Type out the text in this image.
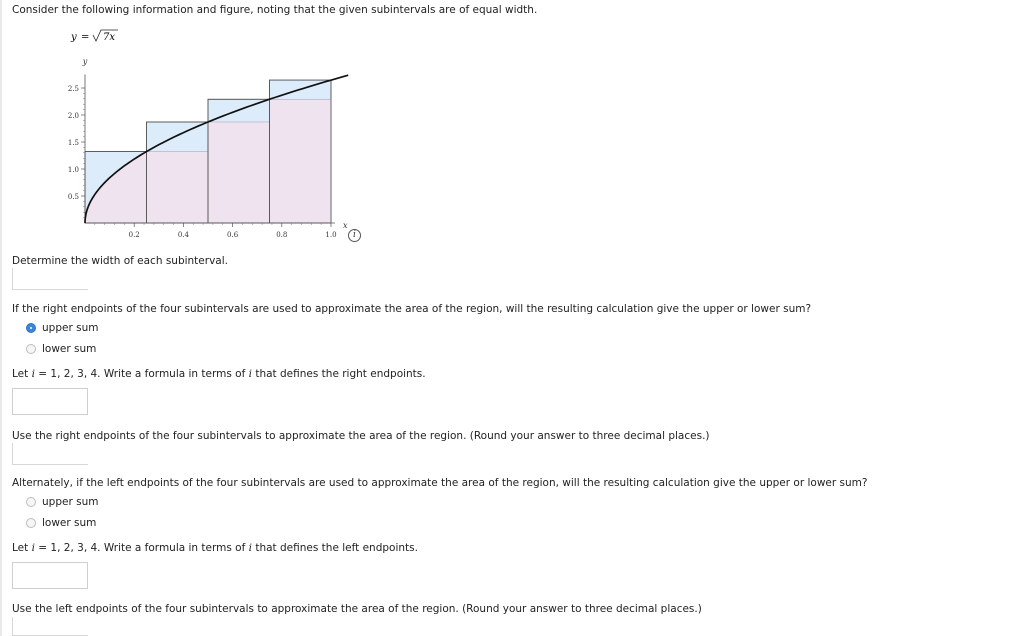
Consider the following information and figure, noting that the given subintervals are of equal width.
y = 7x
0.5
1.0
1.5
2.0
2.5
0.2	0.4	0.6	0.8	1.0
y
x
i
Determine the width of each subinterval.
If the right endpoints of the four subintervals are used to approximate the area of the region, will the resulting calculation give the upper or lower sum?
upper sum
lower sum
Let i = 1, 2, 3, 4. Write a formula in terms of i that defines the right endpoints.
Use the right endpoints of the four subintervals to approximate the area of the region. (Round your answer to three decimal places.)
Alternately, if the left endpoints of the four subintervals are used to approximate the area of the region, will the resulting calculation give the upper or lower sum?
upper sum
lower sum
Let i = 1, 2, 3, 4. Write a formula in terms of i that defines the left endpoints.
Use the left endpoints of the four subintervals to approximate the area of the region. (Round your answer to three decimal places.)
